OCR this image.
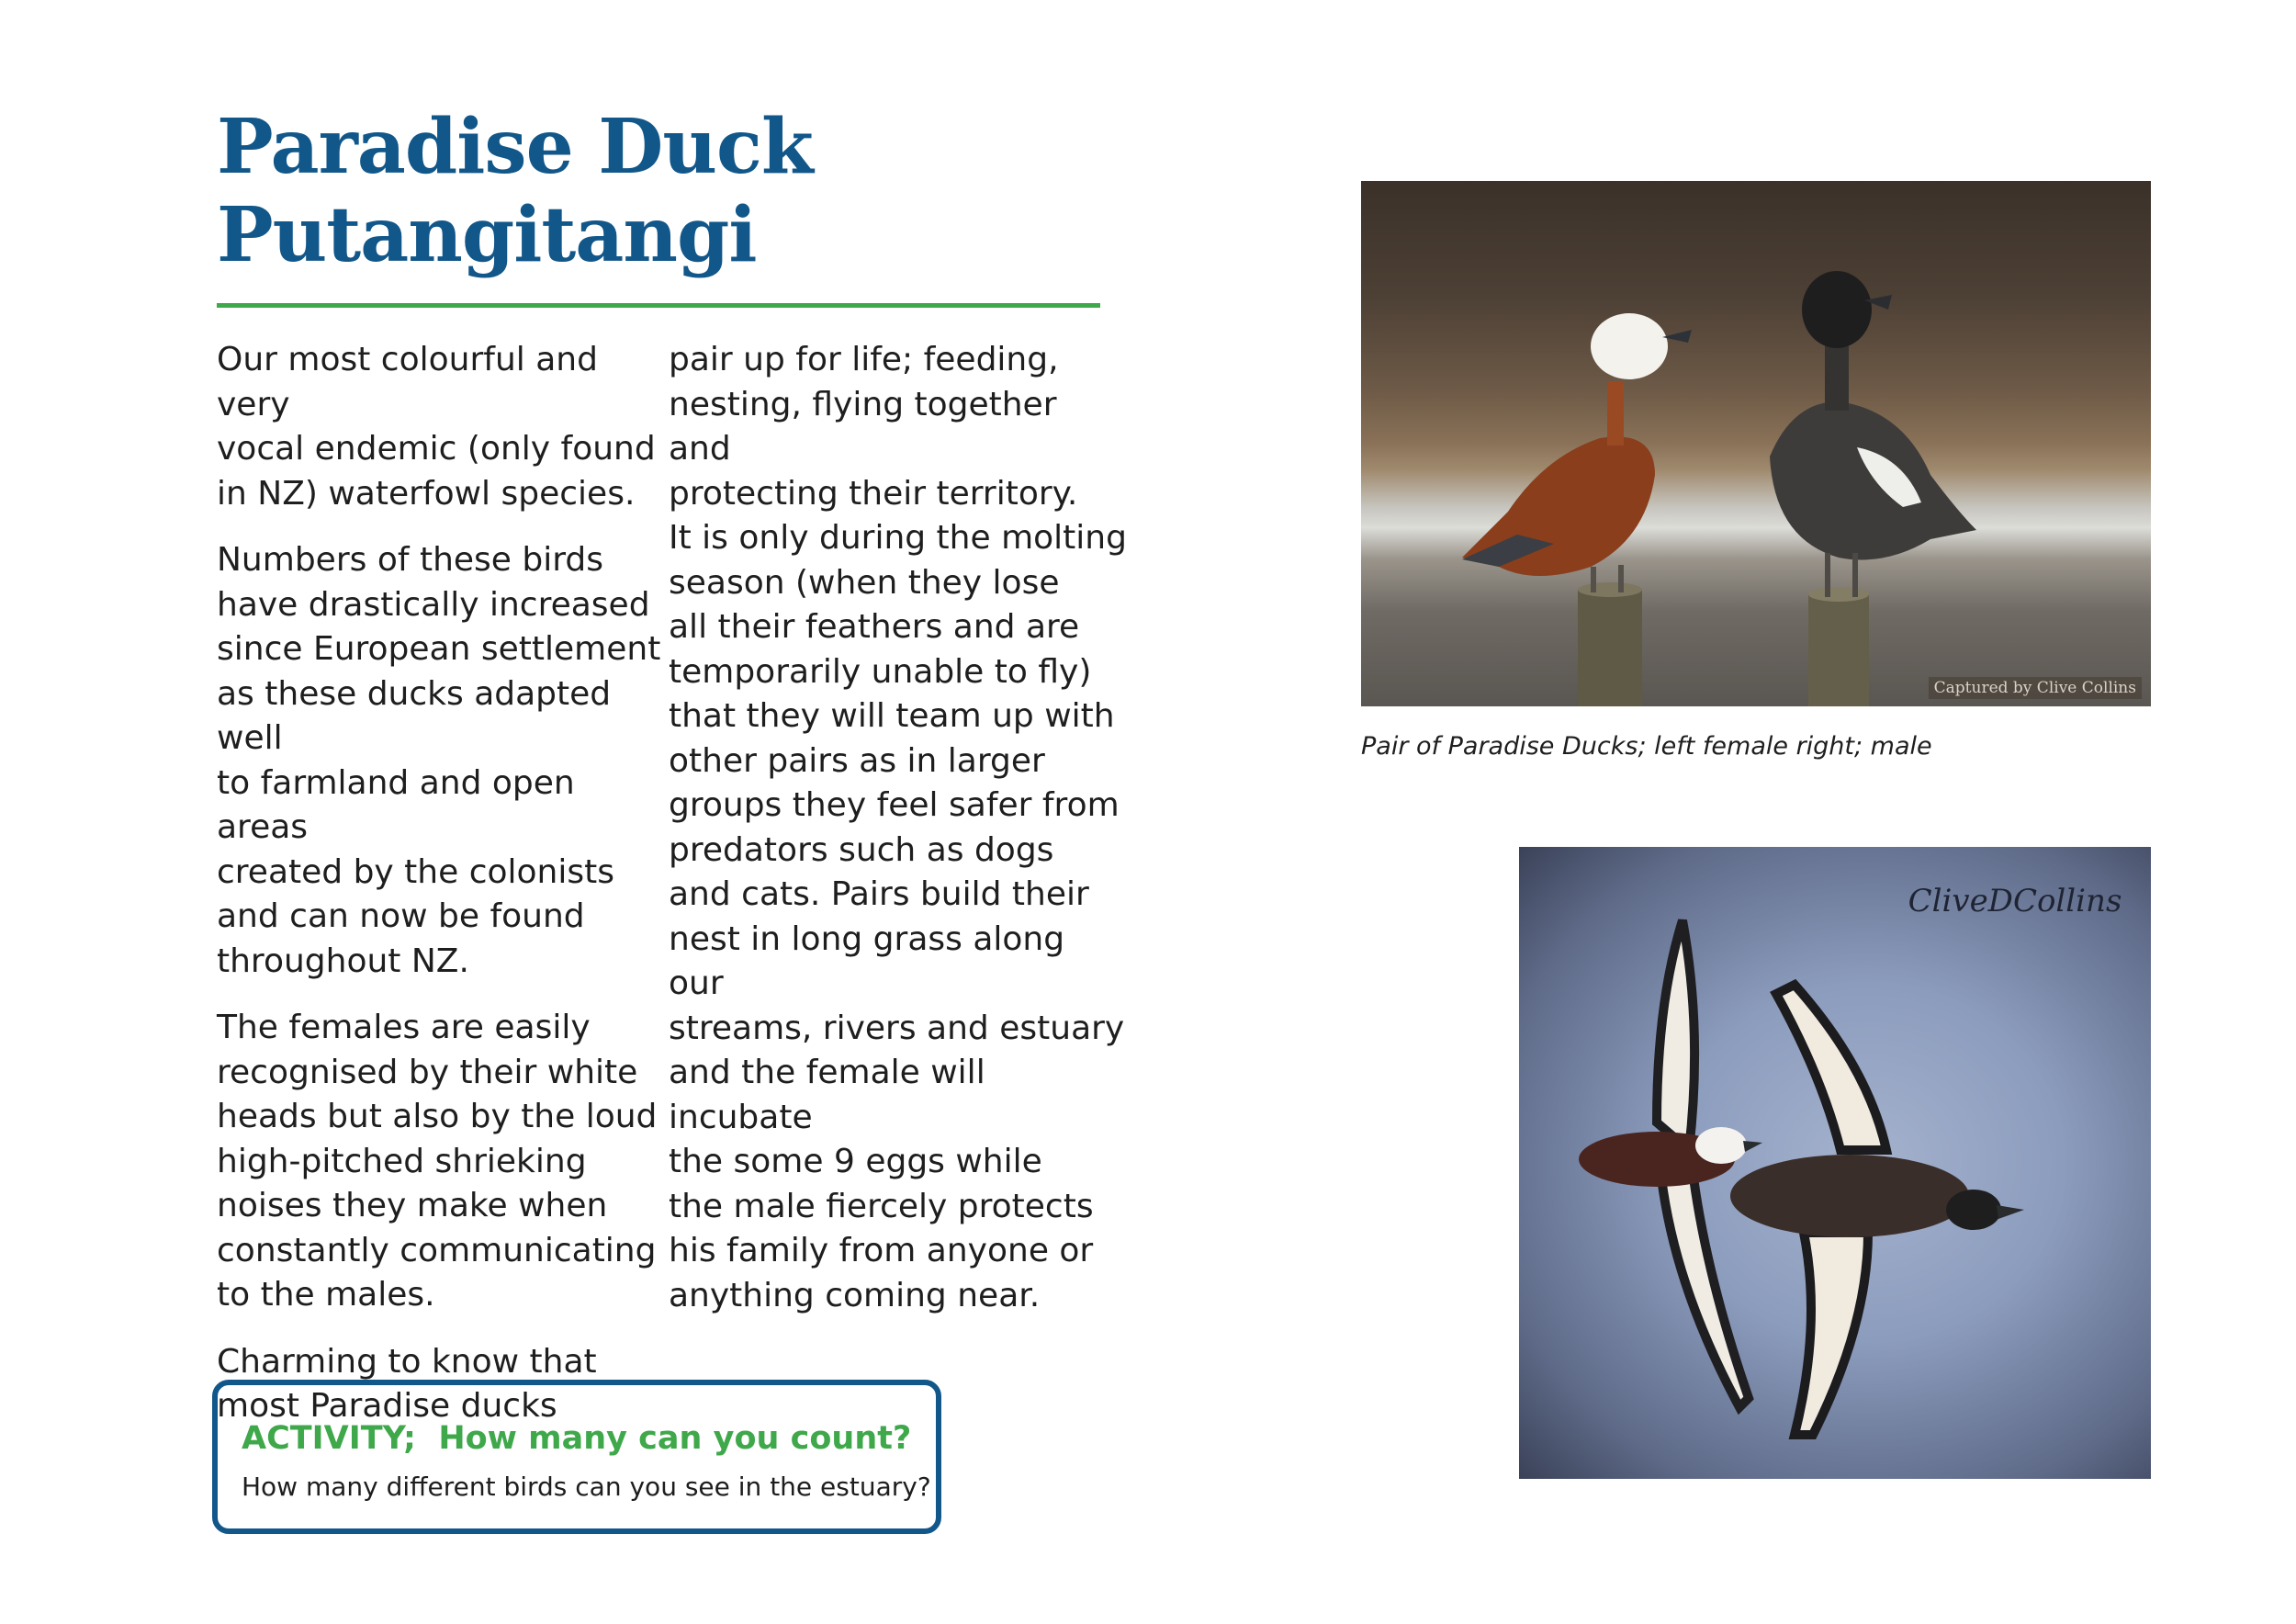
Paradise Duck
Putangitangi

Our most colourful and very
vocal endemic (only found
in NZ) waterfowl species.

Numbers of these birds
have drastically increased
since European settlement
as these ducks adapted well
to farmland and open areas
created by the colonists
and can now be found
throughout NZ.

The females are easily
recognised by their white
heads but also by the loud
high-pitched shrieking
noises they make when
constantly communicating
to the males.

Charming to know that
most Paradise ducks

pair up for life; feeding,
nesting, flying together and
protecting their territory.
It is only during the molting
season (when they lose
all their feathers and are
temporarily unable to fly)
that they will team up with
other pairs as in larger
groups they feel safer from
predators such as dogs
and cats. Pairs build their
nest in long grass along our
streams, rivers and estuary
and the female will incubate
the some 9 eggs while
the male fiercely protects
his family from anyone or
anything coming near.

ACTIVITY;  How many can you count?

How many different birds can you see in the estuary?

Captured by Clive Collins

Pair of Paradise Ducks; left female right; male

CliveDCollins
